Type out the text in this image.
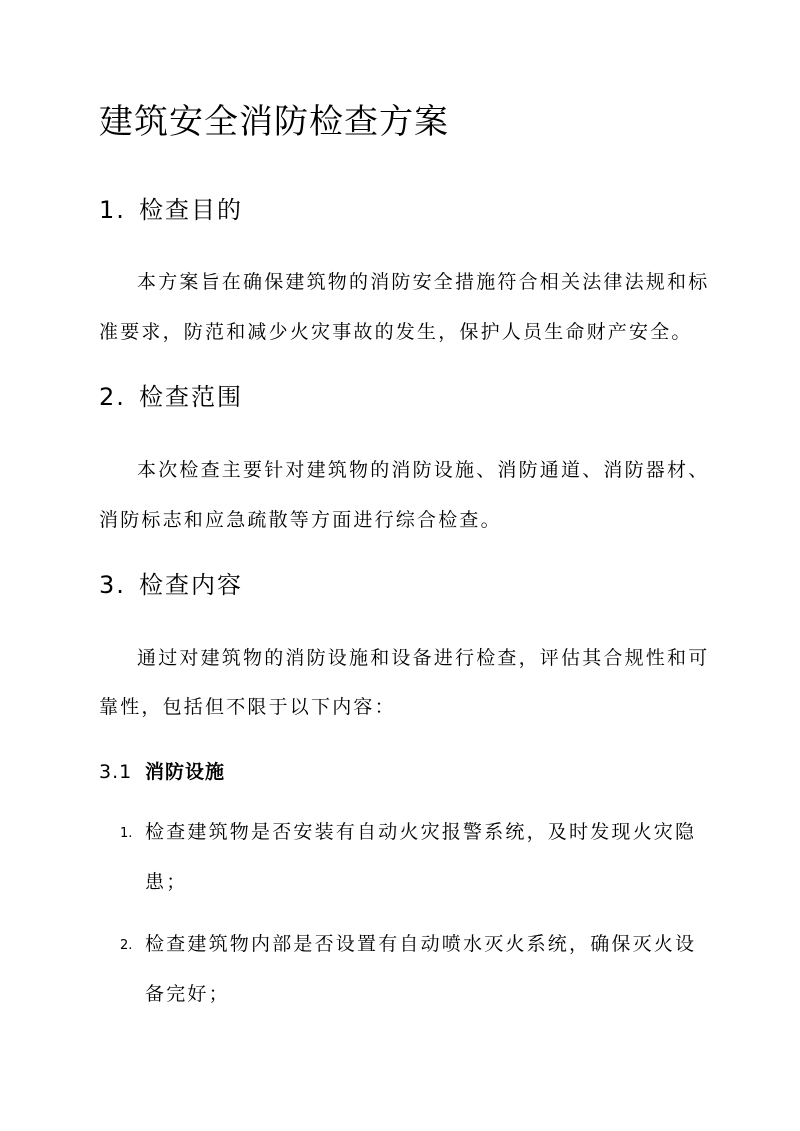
建筑安全消防检查方案
1. 检查目的
本方案旨在确保建筑物的消防安全措施符合相关法律法规和标
准要求，防范和减少火灾事故的发生，保护人员生命财产安全。
2. 检查范围
本次检查主要针对建筑物的消防设施、消防通道、消防器材、
消防标志和应急疏散等方面进行综合检查。
3. 检查内容
通过对建筑物的消防设施和设备进行检查，评估其合规性和可
靠性，包括但不限于以下内容：
3.1 消防设施
1. 检查建筑物是否安装有自动火灾报警系统，及时发现火灾隐
患；
2. 检查建筑物内部是否设置有自动喷水灭火系统，确保灭火设
备完好；
